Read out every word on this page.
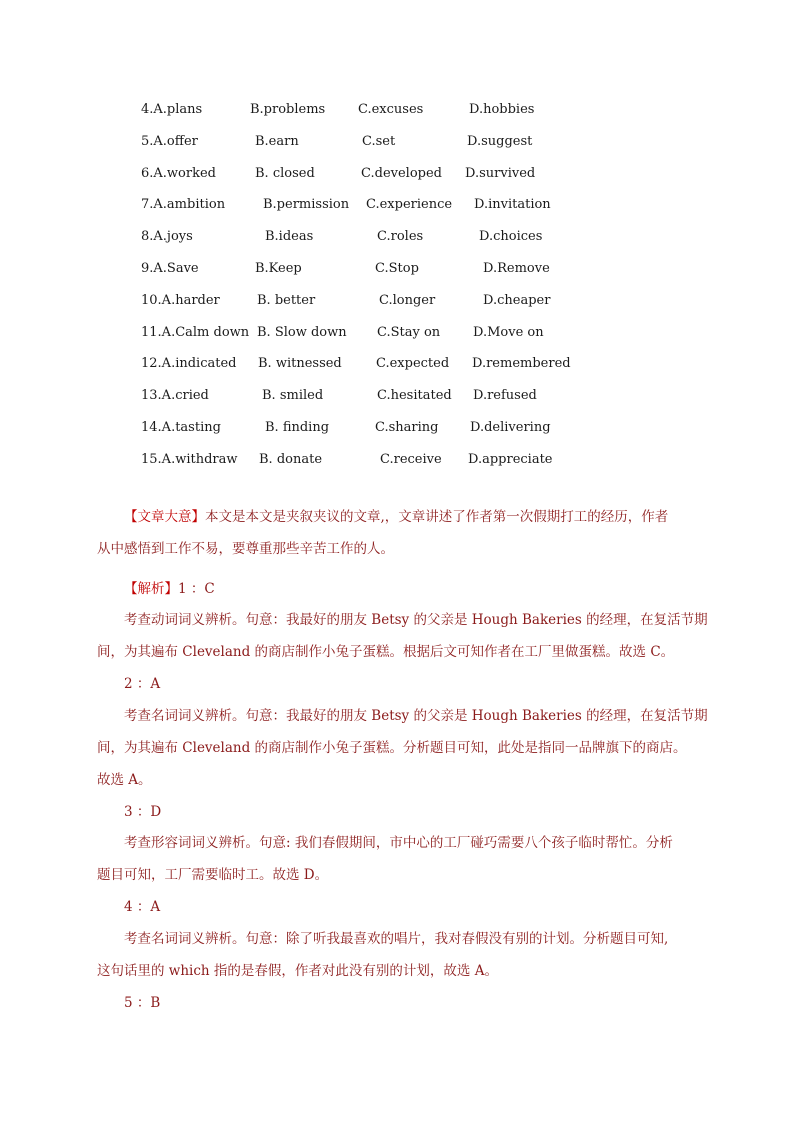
4.A.plans	B.problems	C.excuses	D.hobbies
5.A.offer	B.earn	C.set	D.suggest
6.A.worked	B. closed	C.developed D.survived
7.A.ambition	B.permission C.experience D.invitation
8.A.joys	B.ideas	C.roles	D.choices
9.A.Save	B.Keep	C.Stop	D.Remove
10.A.harder	B. better	C.longer	D.cheaper
11.A.Calm down B. Slow down C.Stay on	D.Move on
12.A.indicated B. witnessed	C.expected D.remembered
13.A.cried	B. smiled	C.hesitated D.refused
14.A.tasting	B. finding	C.sharing D.delivering
15.A.withdraw B. donate	C.receive D.appreciate
【文章大意】本文是本文是夹叙夹议的文章,，文章讲述了作者第一次假期打工的经历，作者
从中感悟到工作不易，要尊重那些辛苦工作的人。
【解析】1 ：C
考查动词词义辨析。句意：我最好的朋友 Betsy 的父亲是 Hough Bakeries 的经理，在复活节期
间，为其遍布 Cleveland 的商店制作小兔子蛋糕。根据后文可知作者在工厂里做蛋糕。故选 C。
2 ：A
考查名词词义辨析。句意：我最好的朋友 Betsy 的父亲是 Hough Bakeries 的经理，在复活节期
间，为其遍布 Cleveland 的商店制作小兔子蛋糕。分析题目可知，此处是指同一品牌旗下的商店。
故选 A。
3 ：D
考查形容词词义辨析。句意: 我们春假期间，市中心的工厂碰巧需要八个孩子临时帮忙。分析
题目可知，工厂需要临时工。故选 D。
4 ：A
考查名词词义辨析。句意：除了听我最喜欢的唱片，我对春假没有别的计划。分析题目可知,
这句话里的 which 指的是春假，作者对此没有别的计划，故选 A。
5 ：B
